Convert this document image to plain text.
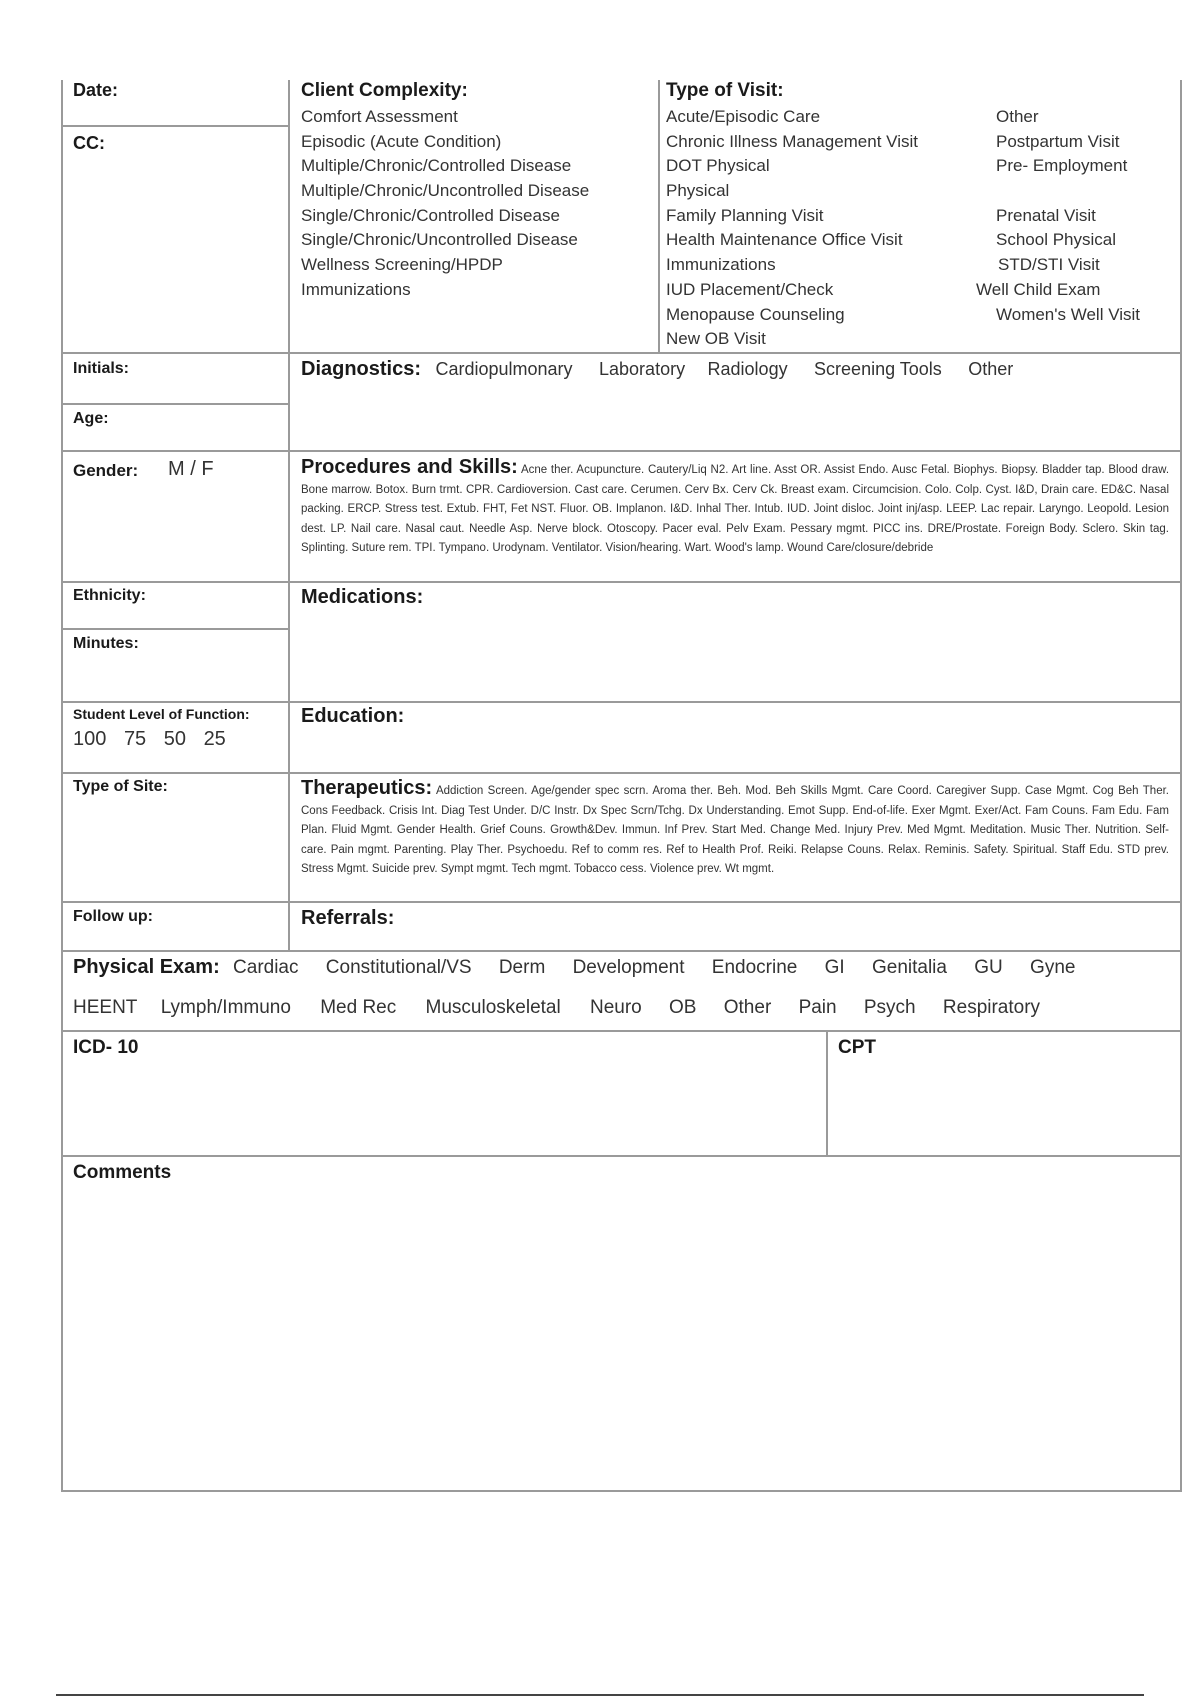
Date:
CC:
Initials:
Age:
Gender: M / F
Ethnicity:
Minutes:
Student Level of Function:
100 75 50 25
Type of Site:
Follow up:
Client Complexity:
Comfort Assessment
Episodic (Acute Condition)
Multiple/Chronic/Controlled Disease
Multiple/Chronic/Uncontrolled Disease
Single/Chronic/Controlled Disease
Single/Chronic/Uncontrolled Disease
Wellness Screening/HPDP
Immunizations
Type of Visit:
Acute/Episodic Care
Chronic Illness Management Visit
DOT Physical
Physical
Family Planning Visit
Health Maintenance Office Visit
Immunizations
IUD Placement/Check
Menopause Counseling
New OB Visit
Other
Postpartum Visit
Pre- Employment
Prenatal Visit
School Physical
STD/STI Visit
Well Child Exam
Women's Well Visit
Diagnostics: Cardiopulmonary Laboratory Radiology Screening Tools Other
Procedures and Skills: Acne ther. Acupuncture. Cautery/Liq N2. Art line. Asst OR. Assist Endo. Ausc Fetal. Biophys. Biopsy. Bladder tap. Blood draw. Bone marrow. Botox. Burn trmt. CPR. Cardioversion. Cast care. Cerumen. Cerv Bx. Cerv Ck. Breast exam. Circumcision. Colo. Colp. Cyst. I&D, Drain care. ED&C. Nasal packing. ERCP. Stress test. Extub. FHT, Fet NST. Fluor. OB. Implanon. I&D. Inhal Ther. Intub. IUD. Joint disloc. Joint inj/asp. LEEP. Lac repair. Laryngo. Leopold. Lesion dest. LP. Nail care. Nasal caut. Needle Asp. Nerve block. Otoscopy. Pacer eval. Pelv Exam. Pessary mgmt. PICC ins. DRE/Prostate. Foreign Body. Sclero. Skin tag. Splinting. Suture rem. TPI. Tympano. Urodynam. Ventilator. Vision/hearing. Wart. Wood's lamp. Wound Care/closure/debride
Medications:
Education:
Therapeutics: Addiction Screen. Age/gender spec scrn. Aroma ther. Beh. Mod. Beh Skills Mgmt. Care Coord. Caregiver Supp. Case Mgmt. Cog Beh Ther. Cons Feedback. Crisis Int. Diag Test Under. D/C Instr. Dx Spec Scrn/Tchg. Dx Understanding. Emot Supp. End-of-life. Exer Mgmt. Exer/Act. Fam Couns. Fam Edu. Fam Plan. Fluid Mgmt. Gender Health. Grief Couns. Growth&Dev. Immun. Inf Prev. Start Med. Change Med. Injury Prev. Med Mgmt. Meditation. Music Ther. Nutrition. Self-care. Pain mgmt. Parenting. Play Ther. Psychoedu. Ref to comm res. Ref to Health Prof. Reiki. Relapse Couns. Relax. Reminis. Safety. Spiritual. Staff Edu. STD prev. Stress Mgmt. Suicide prev. Sympt mgmt. Tech mgmt. Tobacco cess. Violence prev. Wt mgmt.
Referrals:
Physical Exam: Cardiac Constitutional/VS Derm Development Endocrine GI Genitalia GU Gyne
HEENT Lymph/Immuno Med Rec Musculoskeletal Neuro OB Other Pain Psych Respiratory
ICD- 10	CPT
Comments
